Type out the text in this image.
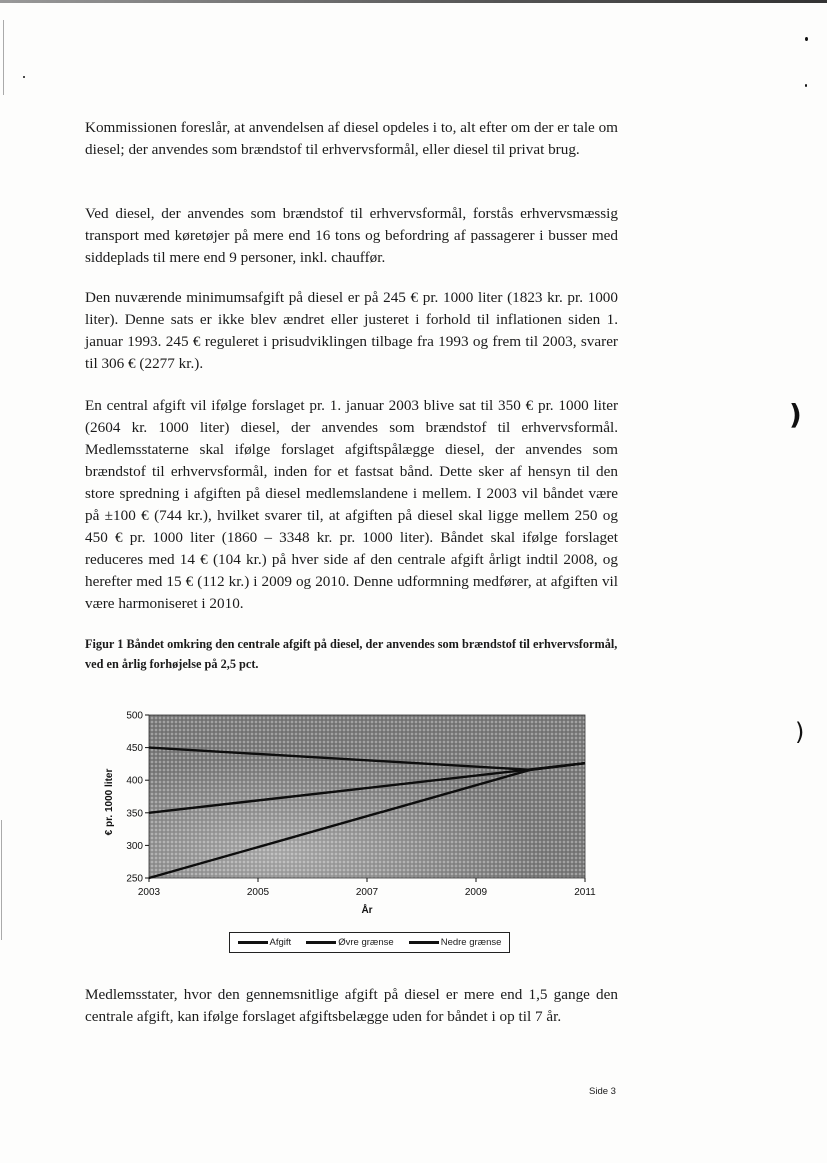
)
)

Kommissionen foreslår, at anvendelsen af diesel opdeles i to, alt efter om der er tale om diesel; der anvendes som brændstof til erhvervsformål, eller diesel til privat brug.

Ved diesel, der anvendes som brændstof til erhvervsformål, forstås erhvervsmæssig transport med køretøjer på mere end 16 tons og befordring af passagerer i busser med siddeplads til mere end 9 personer, inkl. chauffør.

Den nuværende minimumsafgift på diesel er på 245 € pr. 1000 liter (1823 kr. pr. 1000 liter). Denne sats er ikke blev ændret eller justeret i forhold til inflationen siden 1. januar 1993. 245 € reguleret i prisudviklingen tilbage fra 1993 og frem til 2003, svarer til 306 € (2277 kr.).

En central afgift vil ifølge forslaget pr. 1. januar 2003 blive sat til 350 € pr. 1000 liter (2604 kr. 1000 liter) diesel, der anvendes som brændstof til erhvervsformål. Medlemsstaterne skal ifølge forslaget afgiftspålægge diesel, der anvendes som brændstof til erhvervsformål, inden for et fastsat bånd. Dette sker af hensyn til den store spredning i afgiften på diesel medlemslandene i mellem. I 2003 vil båndet være på ±100 € (744 kr.), hvilket svarer til, at afgiften på diesel skal ligge mellem 250 og 450 € pr. 1000 liter (1860 – 3348 kr. pr. 1000 liter). Båndet skal ifølge forslaget reduceres med 14 € (104 kr.) på hver side af den centrale afgift årligt indtil 2008, og herefter med 15 € (112 kr.) i 2009 og 2010. Denne udformning medfører, at afgiften vil være harmoniseret i 2010.

Figur 1 Båndet omkring den centrale afgift på diesel, der anvendes som brændstof til erhvervsformål, ved en årlig forhøjelse på 2,5 pct.

250
300
350
400
450
500
2003	2005	2007	2009	2011
€ pr. 1000 liter
År
Afgift	Øvre grænse	Nedre grænse

Medlemsstater, hvor den gennemsnitlige afgift på diesel er mere end 1,5 gange den centrale afgift, kan ifølge forslaget afgiftsbelægge uden for båndet i op til 7 år.

Side 3
